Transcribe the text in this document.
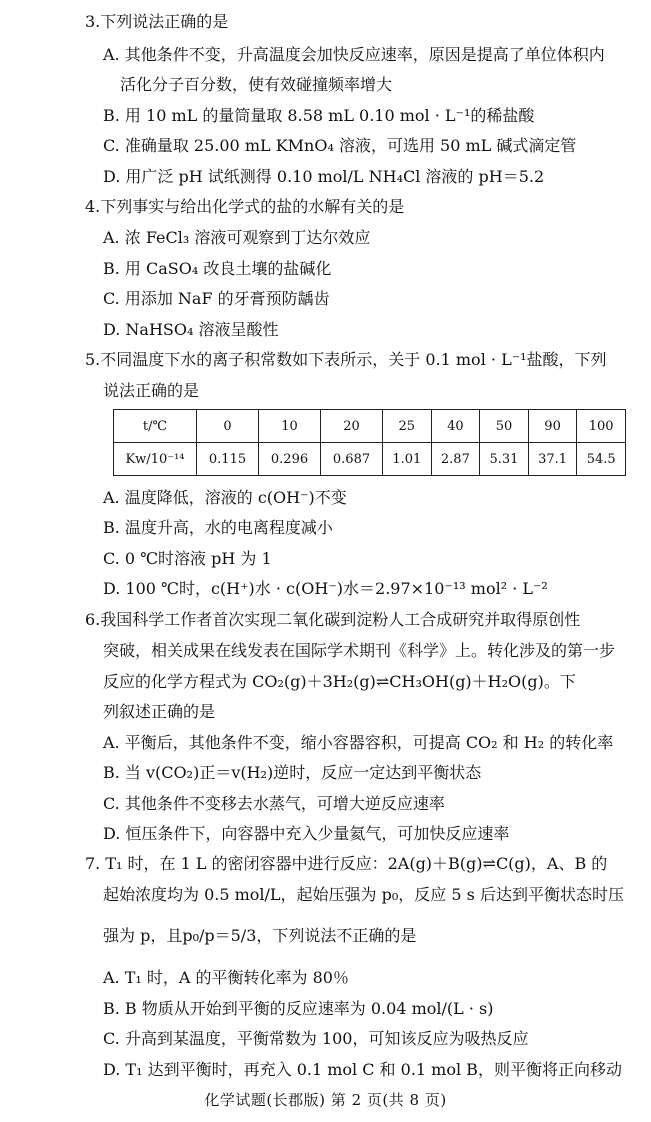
3.下列说法正确的是
A. 其他条件不变，升高温度会加快反应速率，原因是提高了单位体积内
活化分子百分数，使有效碰撞频率增大
B. 用 10 mL 的量筒量取 8.58 mL 0.10 mol · L⁻¹的稀盐酸
C. 准确量取 25.00 mL KMnO₄ 溶液，可选用 50 mL 碱式滴定管
D. 用广泛 pH 试纸测得 0.10 mol/L NH₄Cl 溶液的 pH＝5.2
4.下列事实与给出化学式的盐的水解有关的是
A. 浓 FeCl₃ 溶液可观察到丁达尔效应
B. 用 CaSO₄ 改良土壤的盐碱化
C. 用添加 NaF 的牙膏预防龋齿
D. NaHSO₄ 溶液呈酸性
5.不同温度下水的离子积常数如下表所示，关于 0.1 mol · L⁻¹盐酸，下列
说法正确的是
t/℃	0	10	20	25	40	50	90	100
Kw/10⁻¹⁴	0.115	0.296	0.687	1.01	2.87	5.31	37.1	54.5
A. 温度降低，溶液的 c(OH⁻)不变
B. 温度升高，水的电离程度减小
C. 0 ℃时溶液 pH 为 1
D. 100 ℃时，c(H⁺)水 · c(OH⁻)水＝2.97×10⁻¹³ mol² · L⁻²
6.我国科学工作者首次实现二氧化碳到淀粉人工合成研究并取得原创性
突破，相关成果在线发表在国际学术期刊《科学》上。转化涉及的第一步
反应的化学方程式为 CO₂(g)＋3H₂(g)⇌CH₃OH(g)＋H₂O(g)。下
列叙述正确的是
A. 平衡后，其他条件不变，缩小容器容积，可提高 CO₂ 和 H₂ 的转化率
B. 当 v(CO₂)正＝v(H₂)逆时，反应一定达到平衡状态
C. 其他条件不变移去水蒸气，可增大逆反应速率
D. 恒压条件下，向容器中充入少量氦气，可加快反应速率
7. T₁ 时，在 1 L 的密闭容器中进行反应：2A(g)＋B(g)⇌C(g)，A、B 的
起始浓度均为 0.5 mol/L，起始压强为 p₀，反应 5 s 后达到平衡状态时压
强为 p，且p₀/p＝5/3，下列说法不正确的是
A. T₁ 时，A 的平衡转化率为 80％
B. B 物质从开始到平衡的反应速率为 0.04 mol/(L · s)
C. 升高到某温度，平衡常数为 100，可知该反应为吸热反应
D. T₁ 达到平衡时，再充入 0.1 mol C 和 0.1 mol B，则平衡将正向移动
化学试题(长郡版) 第 2 页(共 8 页)
